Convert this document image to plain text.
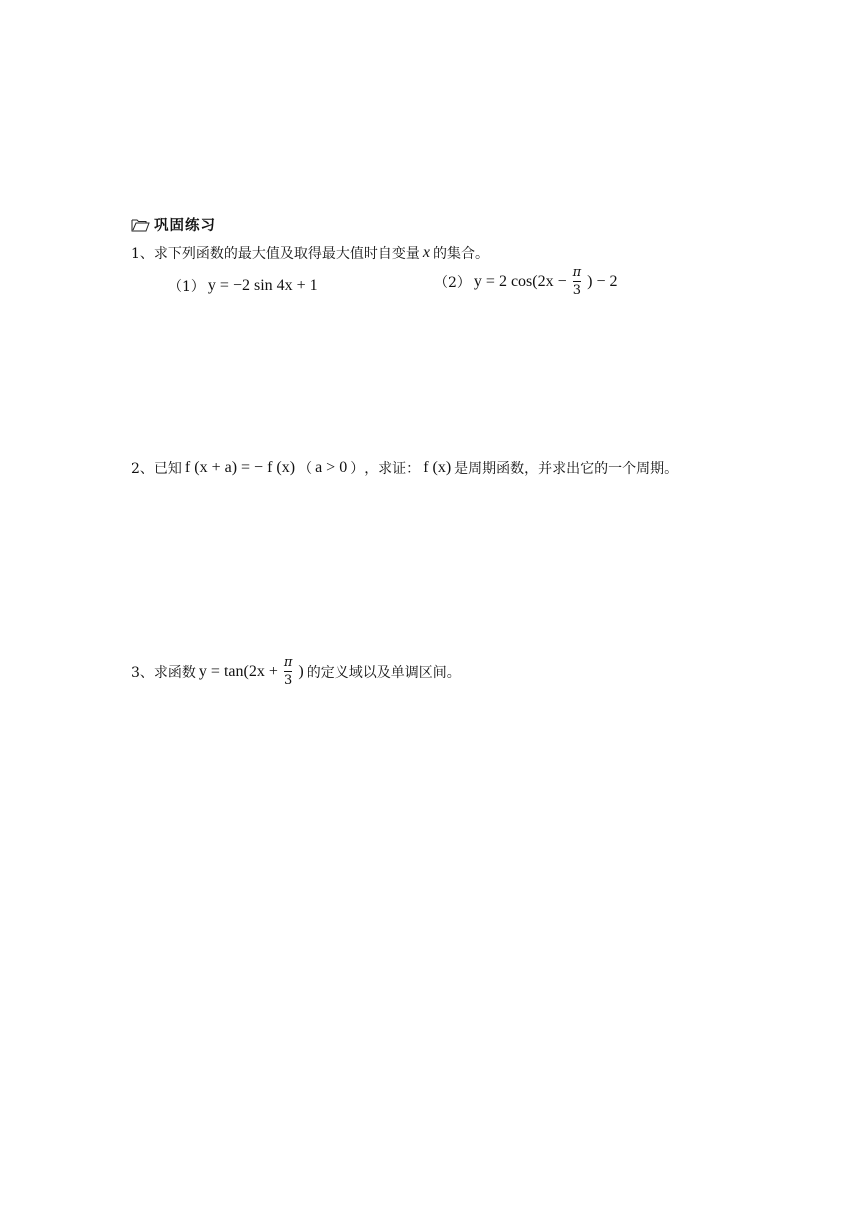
巩固练习
1、 求下列函数的最大值及取得最大值时自变量 x 的集合。
（1） y = −2 sin 4x + 1	（2） y = 2 $\cos(2x - \frac{\pi}{3}$ ) − 2
2、 已知 f (x + a) = − f (x) （ a > 0 ） ，求证： f (x) 是周期函数，并求出它的一个周期。
3、 求函数 $y = \tan(2x + \frac{\pi}{3}$ ) 的定义域以及单调区间。
